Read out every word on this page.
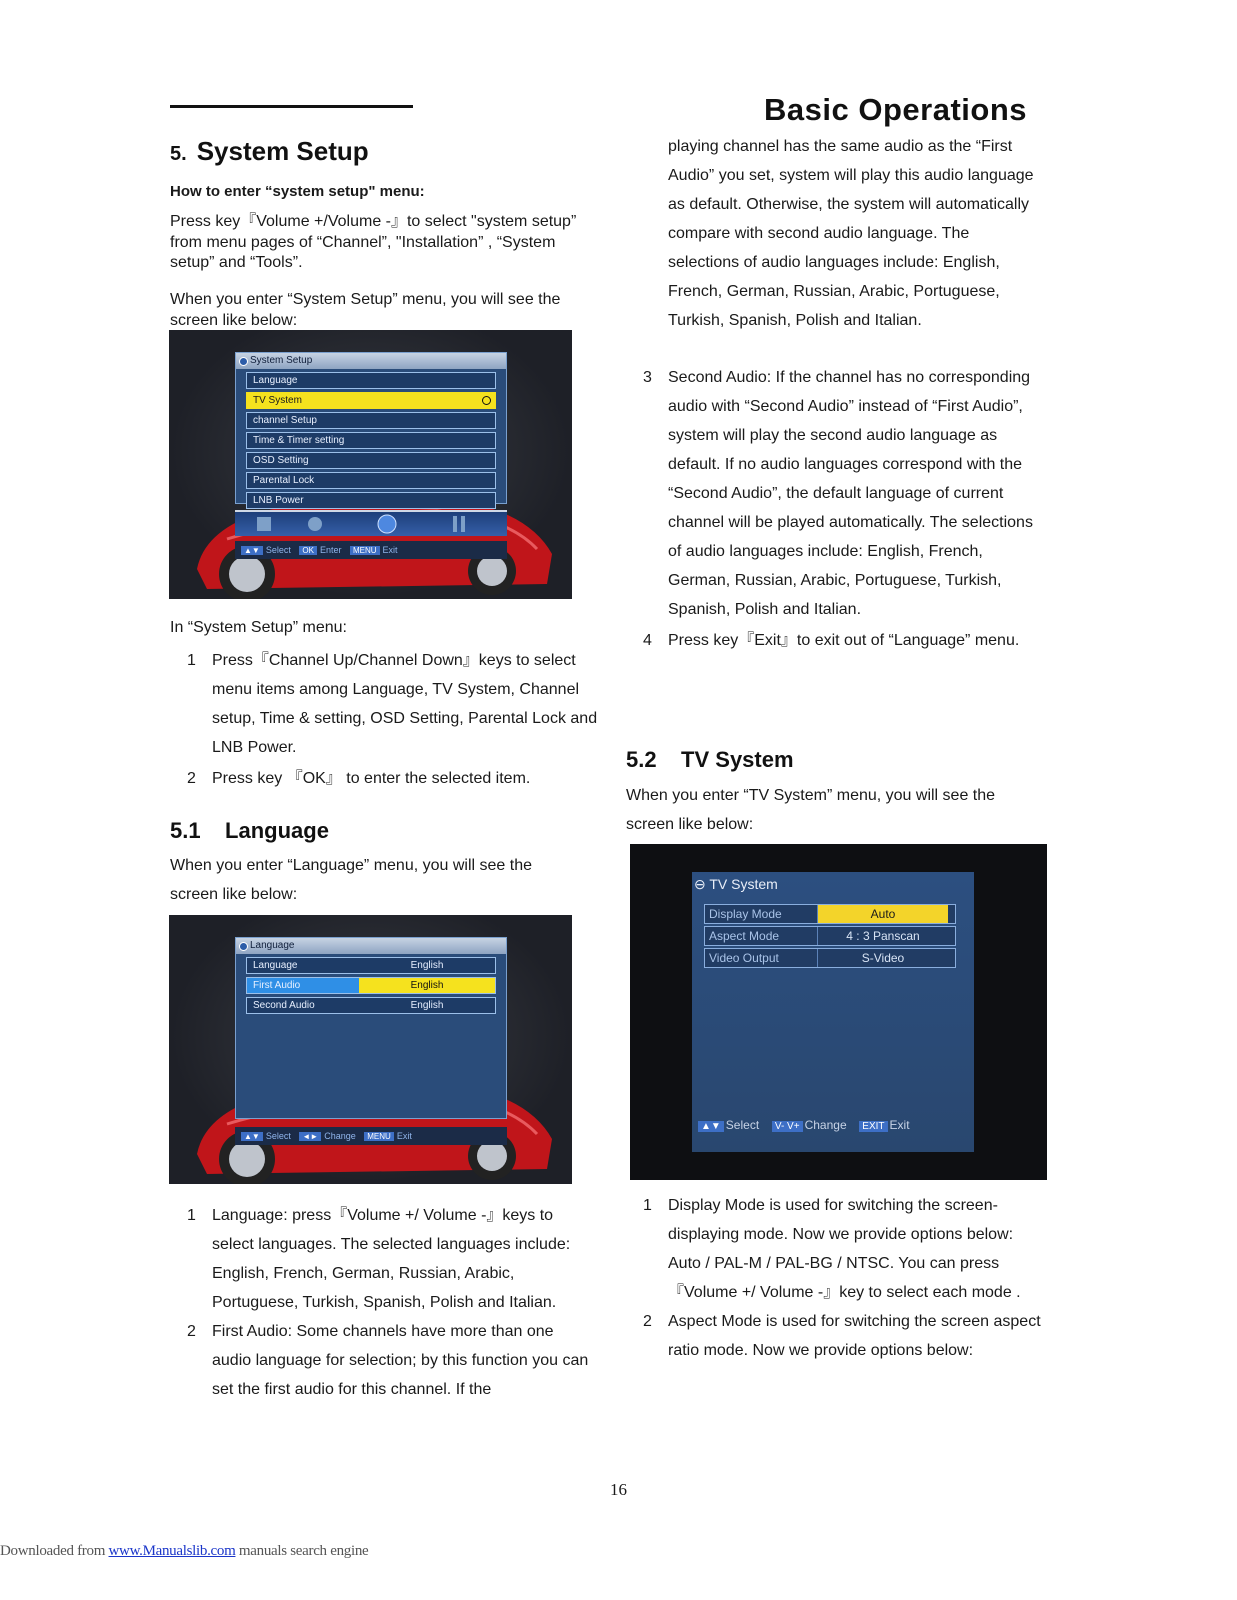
Basic Operations
5. System Setup
How to enter “system setup" menu:
Press key『Volume +/Volume -』to select "system setup” from menu pages of “Channel”, "Installation” , “System setup” and “Tools”.
When you enter “System Setup” menu, you will see the screen like below:
System Setup
Language
TV System
channel Setup
Time & Timer setting
OSD Setting
Parental Lock
LNB Power
▲▼ Select OK Enter MENU Exit
In “System Setup” menu:
1 Press『Channel Up/Channel Down』keys to select menu items among Language, TV System, Channel setup, Time & setting, OSD Setting, Parental Lock and LNB Power.
2 Press key 『OK』 to enter the selected item.
5.1 Language
When you enter “Language” menu, you will see the screen like below:
Language
Language	English
First Audio	English
Second Audio	English
▲▼ Select ◄► Change MENU Exit
1 Language: press『Volume +/ Volume -』keys to select languages. The selected languages include: English, French, German, Russian, Arabic, Portuguese, Turkish, Spanish, Polish and Italian.
2 First Audio: Some channels have more than one audio language for selection; by this function you can set the first audio for this channel. If the
playing channel has the same audio as the “First Audio” you set, system will play this audio language as default. Otherwise, the system will automatically compare with second audio language. The selections of audio languages include: English, French, German, Russian, Arabic, Portuguese, Turkish, Spanish, Polish and Italian.
3 Second Audio: If the channel has no corresponding audio with “Second Audio” instead of “First Audio”, system will play the second audio language as default. If no audio languages correspond with the “Second Audio”, the default language of current channel will be played automatically. The selections of audio languages include: English, French, German, Russian, Arabic, Portuguese, Turkish, Spanish, Polish and Italian.
4 Press key『Exit』to exit out of “Language” menu.
5.2 TV System
When you enter “TV System” menu, you will see the screen like below:
⊖ TV System
Display Mode	Auto
Aspect Mode	4 : 3 Panscan
Video Output	S-Video
▲▼ Select V- V+ Change EXIT Exit
1 Display Mode is used for switching the screen-displaying mode. Now we provide options below: Auto / PAL-M / PAL-BG / NTSC. You can press『Volume +/ Volume -』key to select each mode .
2 Aspect Mode is used for switching the screen aspect ratio mode. Now we provide options below:
16
Downloaded from www.Manualslib.com manuals search engine
